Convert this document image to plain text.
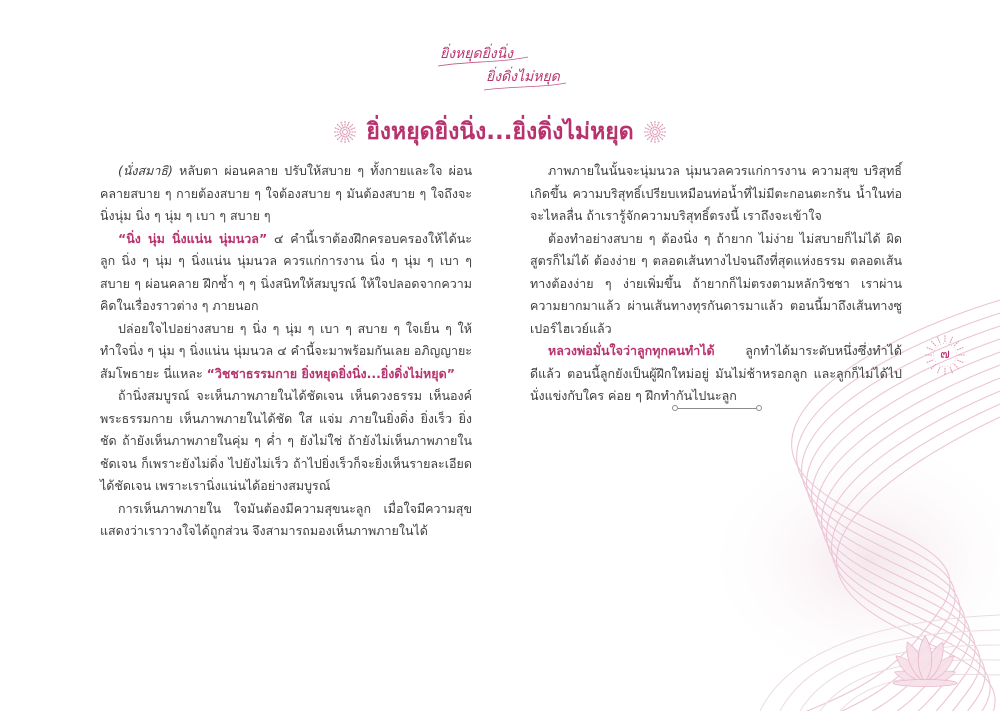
ยิ่งหยุดยิ่งนิ่ง
ยิ่งดิ่งไม่หยุด
ยิ่งหยุดยิ่งนิ่ง...ยิ่งดิ่งไม่หยุด

(นั่งสมาธิ) หลับตา ผ่อนคลาย ปรับให้สบาย ๆ ทั้งกายและใจ ผ่อนคลายสบาย ๆ กายต้องสบาย ๆ ใจต้องสบาย ๆ มันต้องสบาย ๆ ใจถึงจะนิ่งนุ่ม นิ่ง ๆ นุ่ม ๆ เบา ๆ สบาย ๆ

“นิ่ง นุ่ม นิ่งแน่น นุ่มนวล” ๔ คำนี้เราต้องฝึกครอบครองให้ได้นะลูก นิ่ง ๆ นุ่ม ๆ นิ่งแน่น นุ่มนวล ควรแก่การงาน นิ่ง ๆ นุ่ม ๆ เบา ๆ สบาย ๆ ผ่อนคลาย ฝึกซ้ำ ๆ ๆ นิ่งสนิทให้สมบูรณ์ ให้ใจปลอดจากความคิดในเรื่องราวต่าง ๆ ภายนอก

ปล่อยใจไปอย่างสบาย ๆ นิ่ง ๆ นุ่ม ๆ เบา ๆ สบาย ๆ ใจเย็น ๆ ให้ทำใจนิ่ง ๆ นุ่ม ๆ นิ่งแน่น นุ่มนวล ๔ คำนี้จะมาพร้อมกันเลย อภิญญายะ สัมโพธายะ นี่แหละ “วิชชาธรรมกาย ยิ่งหยุดยิ่งนิ่ง...ยิ่งดิ่งไม่หยุด”

ถ้านิ่งสมบูรณ์ จะเห็นภาพภายในได้ชัดเจน เห็นดวงธรรม เห็นองค์พระธรรมกาย เห็นภาพภายในได้ชัด ใส แจ่ม ภายในยิ่งดิ่ง ยิ่งเร็ว ยิ่งชัด ถ้ายังเห็นภาพภายในคุ่ม ๆ ค่ำ ๆ ยังไม่ใช่ ถ้ายังไม่เห็นภาพภายในชัดเจน ก็เพราะยังไม่ดิ่ง ไปยังไม่เร็ว ถ้าไปยิ่งเร็วก็จะยิ่งเห็นรายละเอียดได้ชัดเจน เพราะเรานิ่งแน่นได้อย่างสมบูรณ์

การเห็นภาพภายใน ใจมันต้องมีความสุขนะลูก เมื่อใจมีความสุขแสดงว่าเราวางใจได้ถูกส่วน จึงสามารถมองเห็นภาพภายในได้

ภาพภายในนั้นจะนุ่มนวล นุ่มนวลควรแก่การงาน ความสุข บริสุทธิ์เกิดขึ้น ความบริสุทธิ์เปรียบเหมือนท่อน้ำที่ไม่มีตะกอนตะกรัน น้ำในท่อจะไหลลื่น ถ้าเรารู้จักความบริสุทธิ์ตรงนี้ เราถึงจะเข้าใจ

ต้องทำอย่างสบาย ๆ ต้องนิ่ง ๆ ถ้ายาก ไม่ง่าย ไม่สบายก็ไม่ได้ ผิดสูตรก็ไม่ได้ ต้องง่าย ๆ ตลอดเส้นทางไปจนถึงที่สุดแห่งธรรม ตลอดเส้นทางต้องง่าย ๆ ง่ายเพิ่มขึ้น ถ้ายากก็ไม่ตรงตามหลักวิชชา เราผ่านความยากมาแล้ว ผ่านเส้นทางทุรกันดารมาแล้ว ตอนนี้มาถึงเส้นทางซูเปอร์ไฮเวย์แล้ว

หลวงพ่อมั่นใจว่าลูกทุกคนทำได้ ลูกทำได้มาระดับหนึ่งซึ่งทำได้ดีแล้ว ตอนนี้ลูกยังเป็นผู้ฝึกใหม่อยู่ มันไม่ช้าหรอกลูก และลูกก็ไม่ได้ไปนั่งแข่งกับใคร ค่อย ๆ ฝึกทำกันไปนะลูก

๗
